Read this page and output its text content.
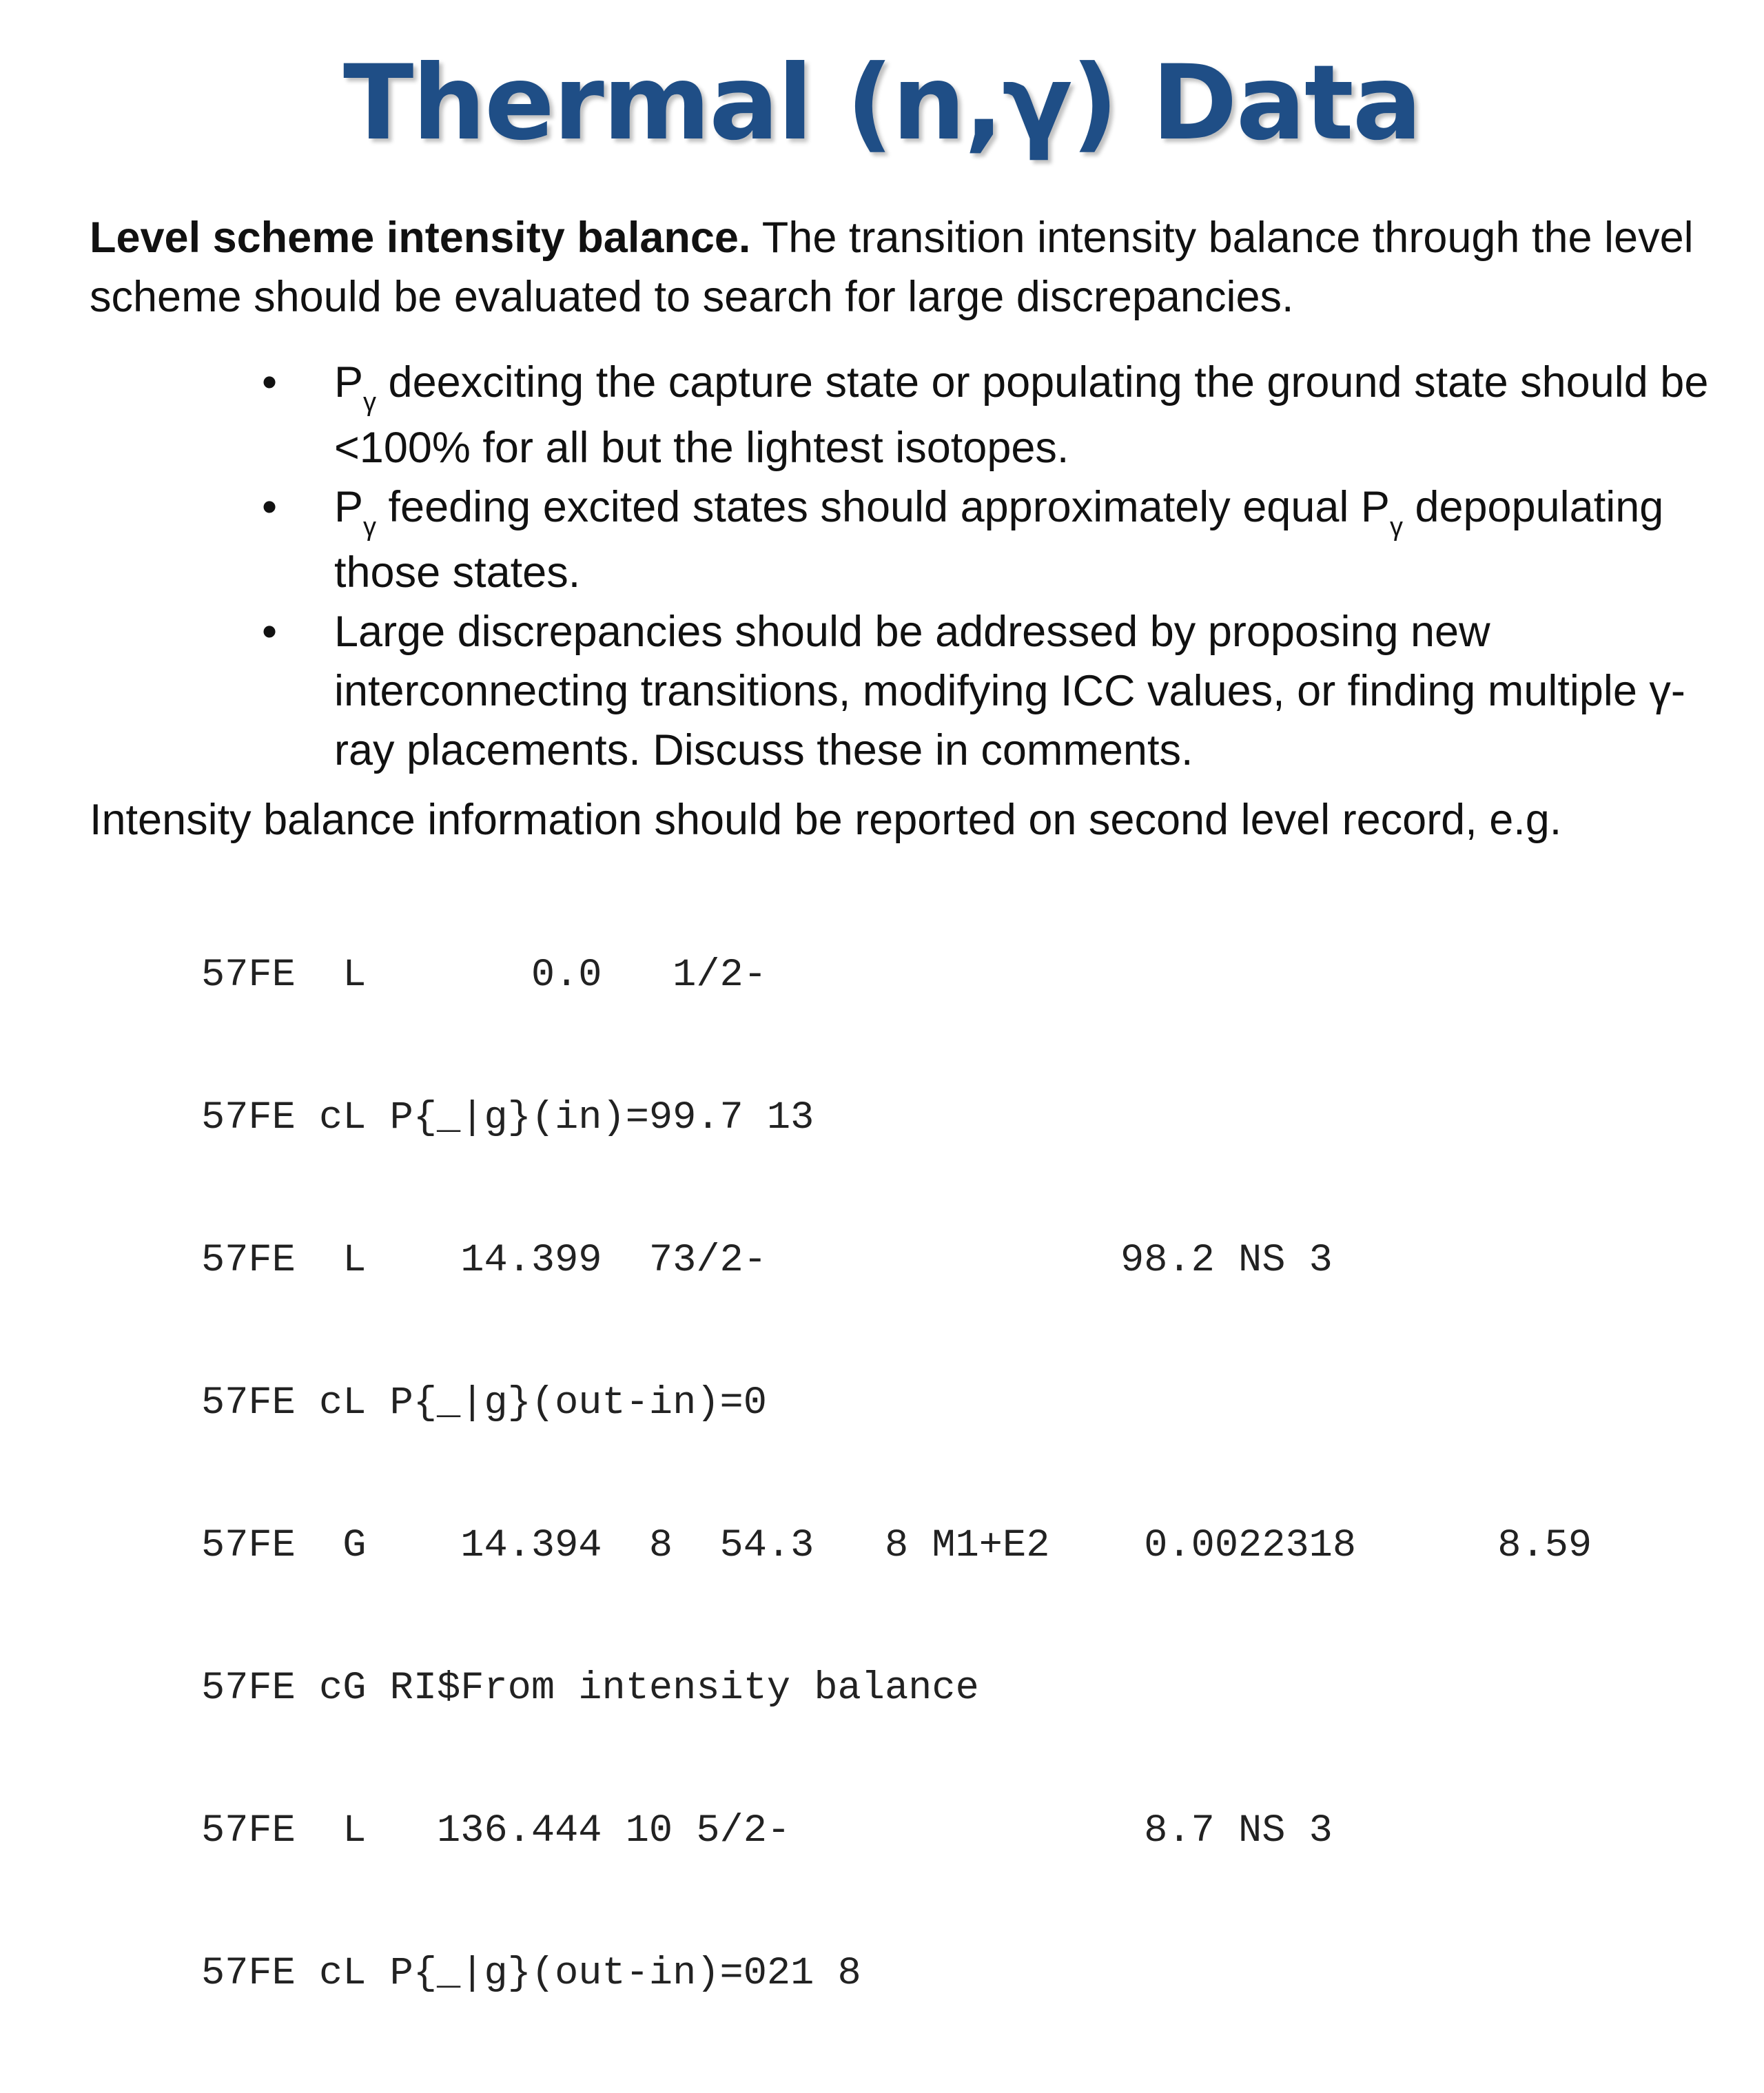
Thermal (n,γ) Data
Level scheme intensity balance. The transition intensity balance through the level scheme should be evaluated to search for large discrepancies.
• $P_\gamma$ deexciting the capture state or populating the ground state should be <100% for all but the lightest isotopes.
• $P_\gamma$ feeding excited states should approximately equal $P_\gamma$ depopulating those states.
• Large discrepancies should be addressed by proposing new interconnecting transitions, modifying ICC values, or finding multiple γ-ray placements. Discuss these in comments.
Intensity balance information should be reported on second level record, e.g.

57FE  L       0.0   1/2-

57FE cL P{_|g}(in)=99.7 13

57FE  L    14.399  73/2-               98.2 NS 3

57FE cL P{_|g}(out-in)=0

57FE  G    14.394  8  54.3   8 M1+E2    0.0022318      8.59

57FE cG RI$From intensity balance

57FE  L   136.444 10 5/2-               8.7 NS 3

57FE cL P{_|g}(out-in)=021 8
